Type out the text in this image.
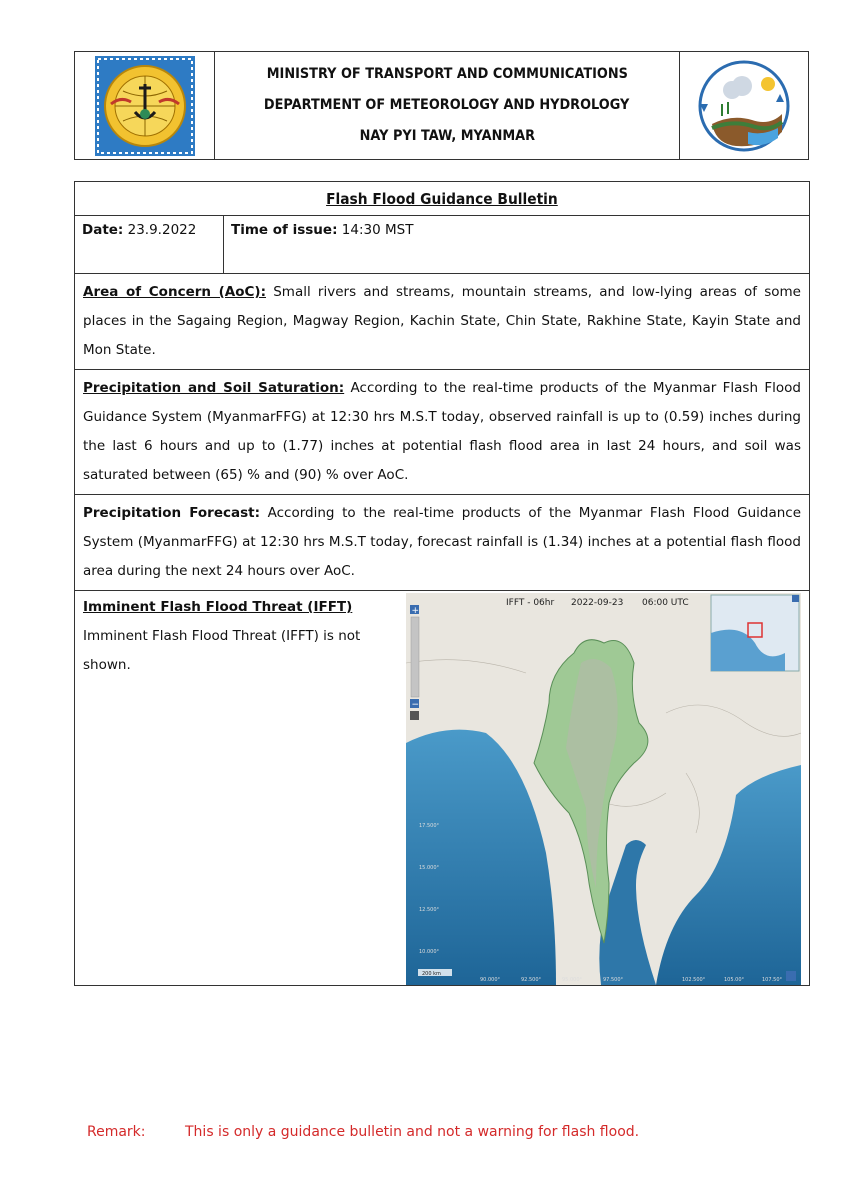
MINISTRY OF TRANSPORT AND COMMUNICATIONS
DEPARTMENT OF METEOROLOGY AND HYDROLOGY
NAY PYI TAW, MYANMAR
Flash Flood Guidance Bulletin
Date: 23.9.2022	Time of issue: 14:30 MST
Area of Concern (AoC): Small rivers and streams, mountain streams, and low-lying areas of some places in the Sagaing Region, Magway Region, Kachin State, Chin State, Rakhine State, Kayin State and Mon State.
Precipitation and Soil Saturation: According to the real-time products of the Myanmar Flash Flood Guidance System (MyanmarFFG) at 12:30 hrs M.S.T today, observed rainfall is up to (0.59) inches during the last 6 hours and up to (1.77) inches at potential flash flood area in last 24 hours, and soil was saturated between (65) % and (90) % over AoC.
Precipitation Forecast: According to the real-time products of the Myanmar Flash Flood Guidance System (MyanmarFFG) at 12:30 hrs M.S.T today, forecast rainfall is (1.34) inches at a potential flash flood area during the next 24 hours over AoC.
Imminent Flash Flood Threat (IFFT)
Imminent Flash Flood Threat (IFFT) is not shown.
IFFT - 06hr 2022-09-23 06:00 UTC
+
−
17.500°
15.000°
12.500°
10.000°
90.000°	92.500°	95.000°	97.500°	102.500°	105.00°	107.50°
200 km
Remark:	This is only a guidance bulletin and not a warning for flash flood.
